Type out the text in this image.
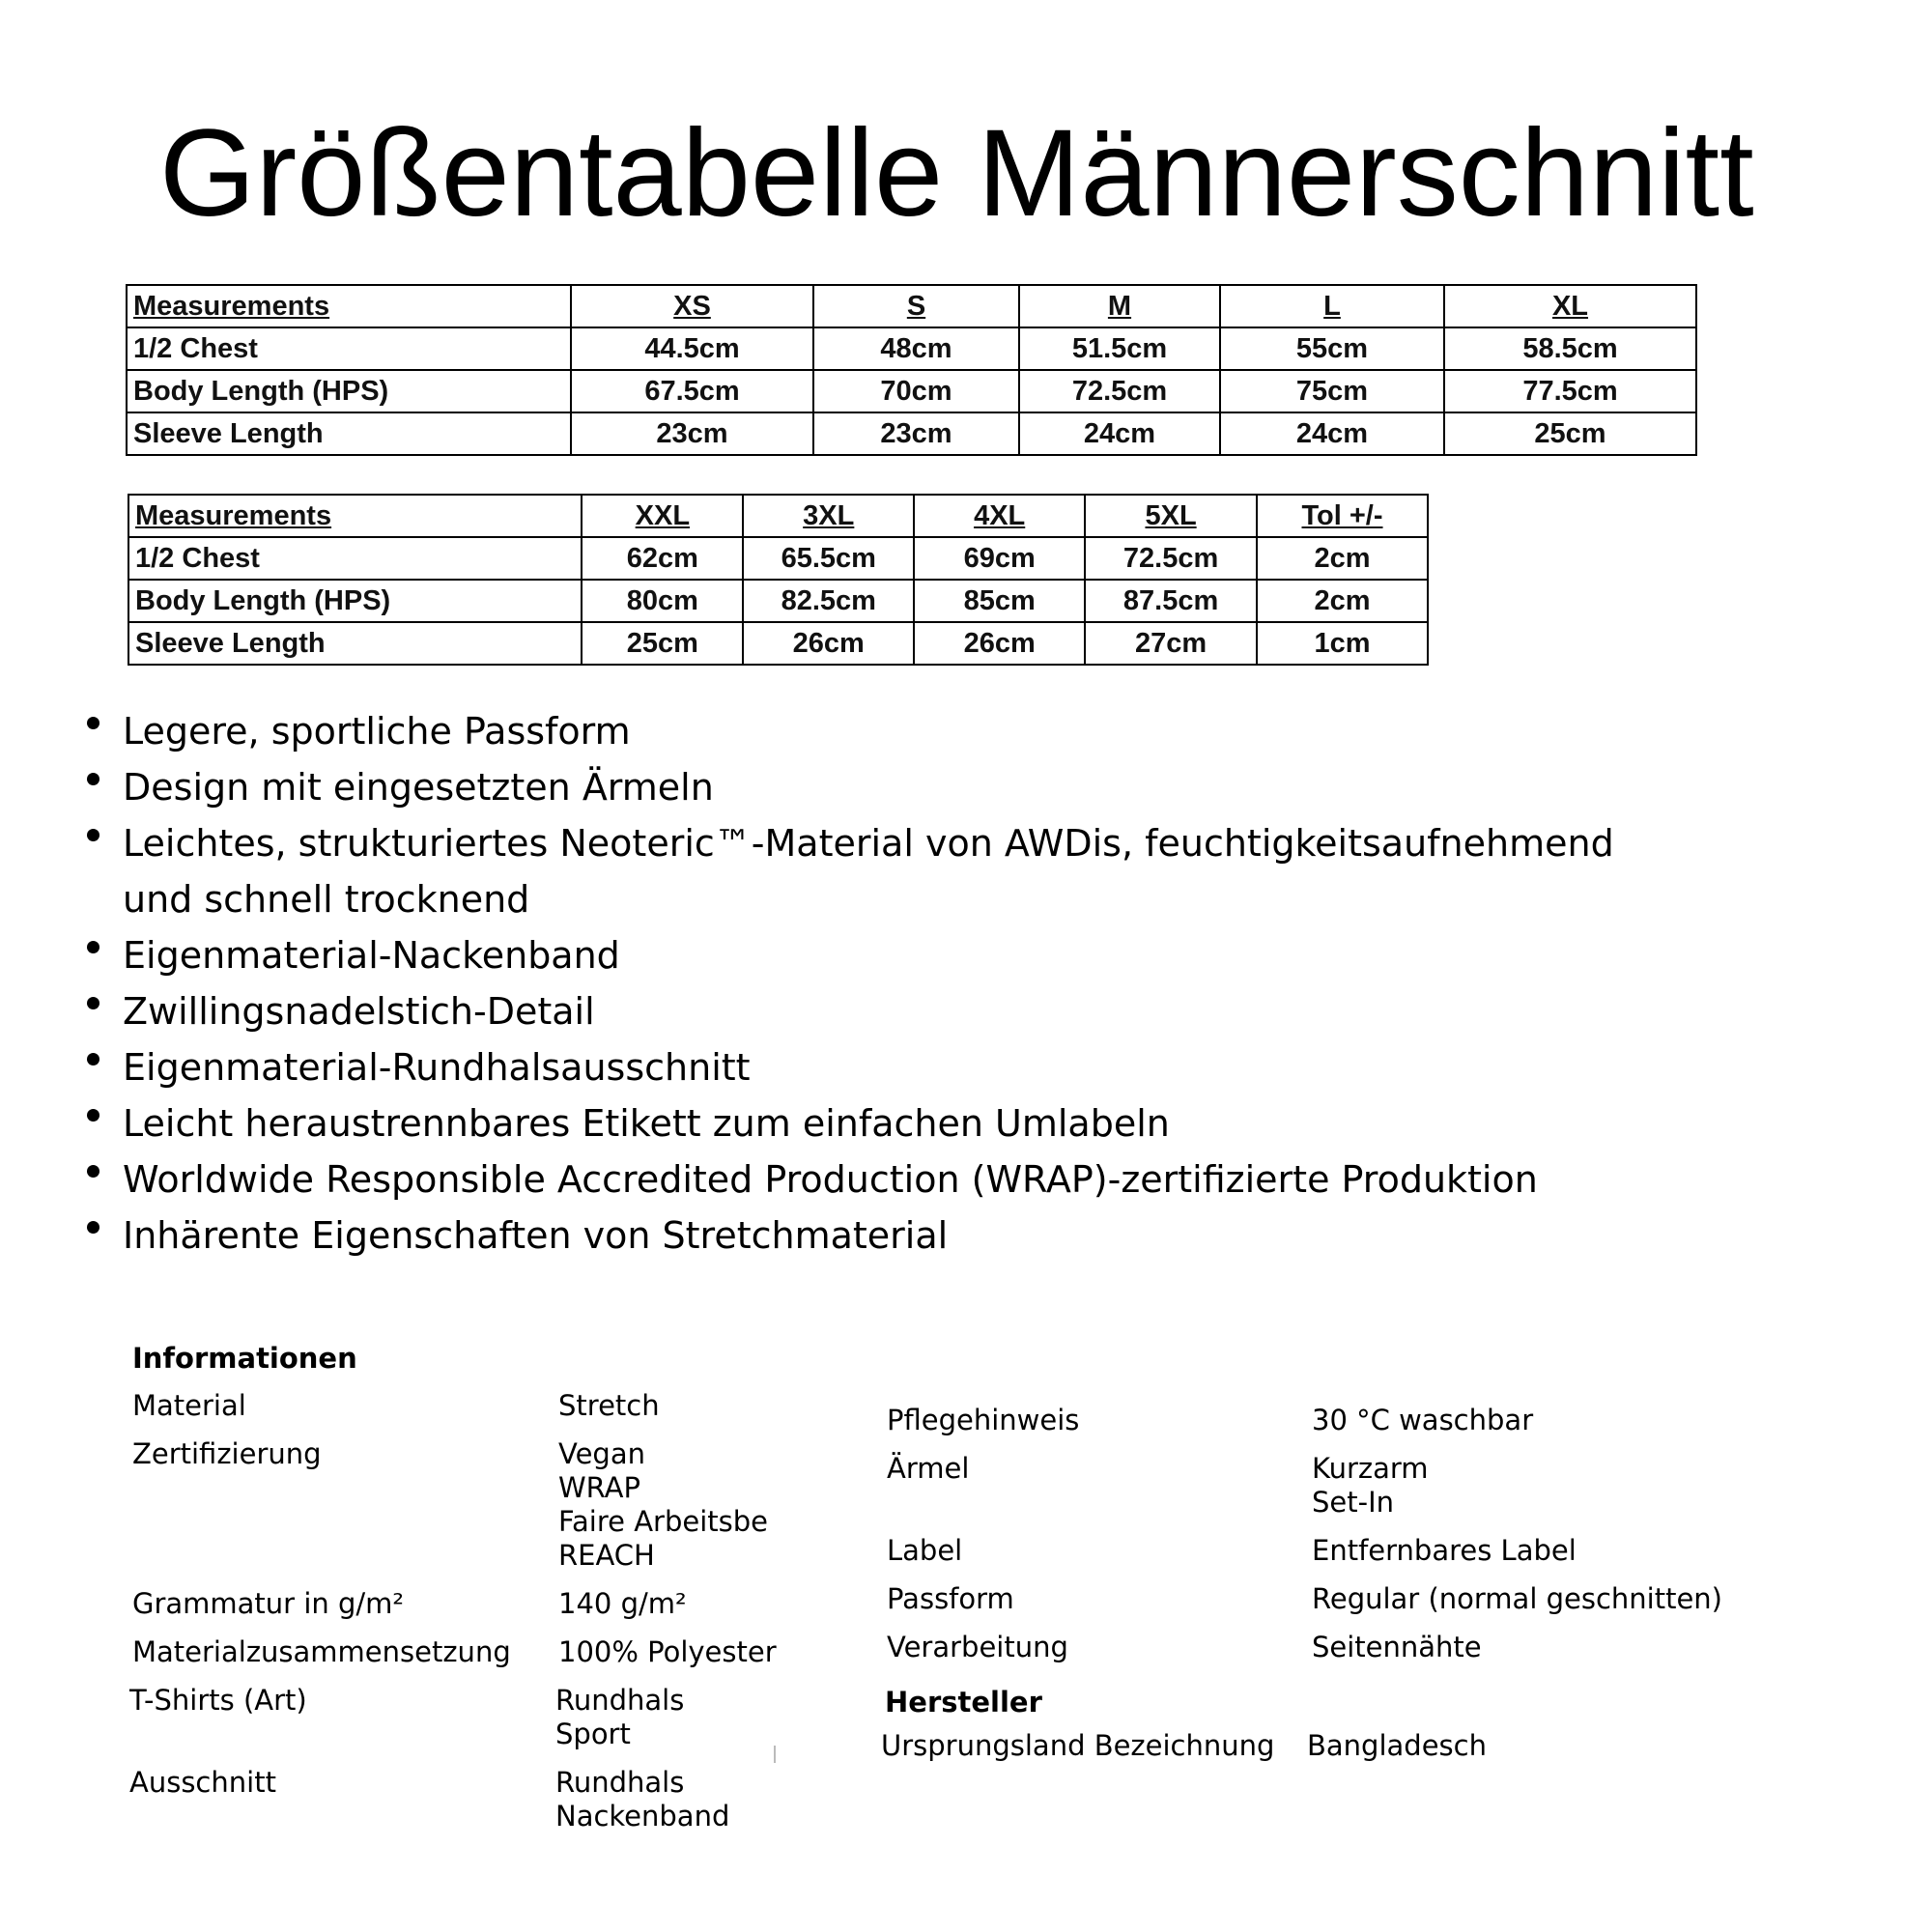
Größentabelle Männerschnitt
Measurements	XS	S	M	L	XL
1/2 Chest	44.5cm	48cm	51.5cm	55cm	58.5cm
Body Length (HPS)	67.5cm	70cm	72.5cm	75cm	77.5cm
Sleeve Length	23cm	23cm	24cm	24cm	25cm
Measurements	XXL	3XL	4XL	5XL	Tol +/-
1/2 Chest	62cm	65.5cm	69cm	72.5cm	2cm
Body Length (HPS)	80cm	82.5cm	85cm	87.5cm	2cm
Sleeve Length	25cm	26cm	26cm	27cm	1cm
Legere, sportliche Passform
Design mit eingesetzten Ärmeln
Leichtes, strukturiertes Neoteric™-Material von AWDis, feuchtigkeitsaufnehmend und schnell trocknend
Eigenmaterial-Nackenband
Zwillingsnadelstich-Detail
Eigenmaterial-Rundhalsausschnitt
Leicht heraustrennbares Etikett zum einfachen Umlabeln
Worldwide Responsible Accredited Production (WRAP)-zertifizierte Produktion
Inhärente Eigenschaften von Stretchmaterial
Informationen
Material	Stretch
Zertifizierung	Vegan
WRAP
Faire Arbeitsbe
REACH
Grammatur in g/m²	140 g/m²
Materialzusammensetzung 100% Polyester
T-Shirts (Art)	Rundhals
Sport
Ausschnitt	Rundhals
Nackenband
Pflegehinweis	30 °C waschbar
Ärmel	Kurzarm
Set-In
Label	Entfernbares Label
Passform	Regular (normal geschnitten)
Verarbeitung	Seitennähte
Hersteller
Ursprungsland Bezeichnung Bangladesch
